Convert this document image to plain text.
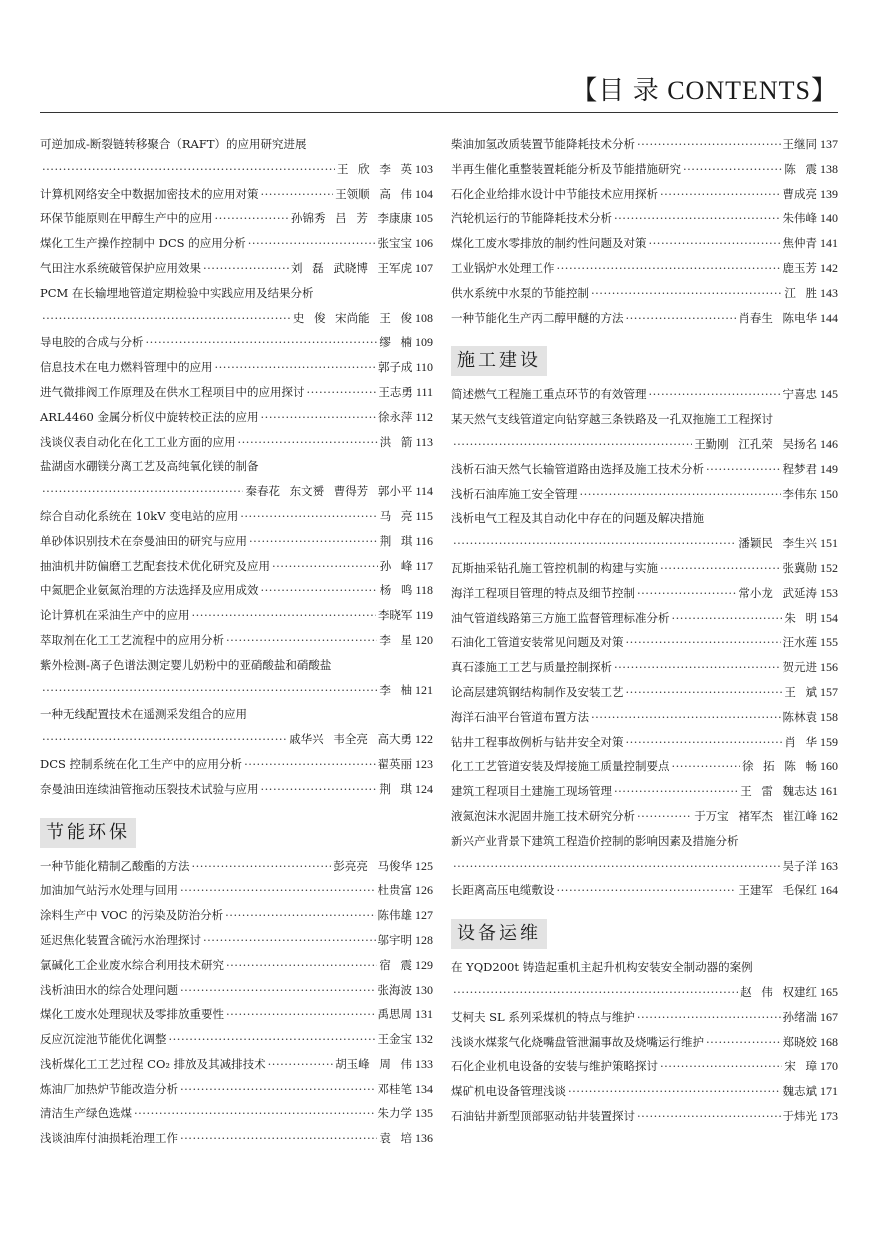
【目 录 CONTENTS】
可逆加成-断裂链转移聚合（RAFT）的应用研究进展
·····
王 欣 李 英 103
计算机网络安全中数据加密技术的应用对策 ·····	王领顺 高 伟 104
环保节能原则在甲醇生产中的应用 ·····	孙锦秀 吕 芳 李康康 105
煤化工生产操作控制中 DCS 的应用分析 ·····	张宝宝 106
气田注水系统破管保护应用效果 ·····	刘 磊 武晓博 王军虎 107
PCM 在长输埋地管道定期检验中实践应用及结果分析
·····
史 俊 宋尚能 王 俊 108
导电胶的合成与分析 ·····	缪 楠 109
信息技术在电力燃料管理中的应用 ·····	郭子成 110
进气微排阀工作原理及在供水工程项目中的应用探讨 ·····	王志勇 111
ARL4460 金属分析仪中旋转校正法的应用 ·····	徐永萍 112
浅谈仪表自动化在化工工业方面的应用 ·····	洪 箭 113
盐湖卤水硼镁分离工艺及高纯氧化镁的制备
·····
秦春花 东文赟 曹得芳 郭小平 114
综合自动化系统在 10kV 变电站的应用 ·····	马 亮 115
单砂体识别技术在奈曼油田的研究与应用 ·····	荆 琪 116
抽油机井防偏磨工艺配套技术优化研究及应用 ·····	孙 峰 117
中氮肥企业氨氮治理的方法选择及应用成效 ·····	杨 鸣 118
论计算机在采油生产中的应用 ·····	李晓军 119
萃取剂在化工工艺流程中的应用分析 ·····	李 星 120
紫外检测-离子色谱法测定婴儿奶粉中的亚硝酸盐和硝酸盐
·····
李 柚 121
一种无线配置技术在遥测采发组合的应用
·····
戚华兴 韦全亮 高大勇 122
DCS 控制系统在化工生产中的应用分析 ·····	翟英丽 123
奈曼油田连续油管拖动压裂技术试验与应用 ·····	荆 琪 124
节能环保
一种节能化精制乙酸酯的方法 ·····	彭亮亮 马俊华 125
加油加气站污水处理与回用 ·····	杜贵富 126
涂料生产中 VOC 的污染及防治分析 ·····	陈伟雄 127
延迟焦化装置含硫污水治理探讨 ·····	邬宇明 128
氯碱化工企业废水综合利用技术研究 ·····	宿 震 129
浅析油田水的综合处理问题 ·····	张海波 130
煤化工废水处理现状及零排放重要性 ·····	禹思周 131
反应沉淀池节能优化调整 ·····	王金宝 132
浅析煤化工工艺过程 CO₂ 排放及其减排技术 ·····	胡玉峰 周 伟 133
炼油厂加热炉节能改造分析 ·····	邓桂笔 134
清洁生产绿色选煤 ·····	朱力学 135
浅谈油库付油损耗治理工作 ·····	袁 培 136
柴油加氢改质装置节能降耗技术分析 ·····	王继同 137
半再生催化重整装置耗能分析及节能措施研究 ·····	陈 震 138
石化企业给排水设计中节能技术应用探析 ·····	曹成亮 139
汽轮机运行的节能降耗技术分析 ·····	朱伟峰 140
煤化工废水零排放的制约性问题及对策 ·····	焦仲青 141
工业锅炉水处理工作 ·····	鹿玉芳 142
供水系统中水泵的节能控制 ·····	江 胜 143
一种节能化生产丙二醇甲醚的方法 ·····	肖春生 陈电华 144
施工建设
简述燃气工程施工重点环节的有效管理 ·····	宁喜忠 145
某天然气支线管道定向钻穿越三条铁路及一孔双拖施工工程探讨
·····
王勤刚 江孔荣 吴扬名 146
浅析石油天然气长输管道路由选择及施工技术分析 ·····	程梦君 149
浅析石油库施工安全管理 ·····	李伟东 150
浅析电气工程及其自动化中存在的问题及解决措施
·····
潘颖民 李生兴 151
瓦斯抽采钻孔施工管控机制的构建与实施 ·····	张冀勋 152
海洋工程项目管理的特点及细节控制 ·····	常小龙 武延涛 153
油气管道线路第三方施工监督管理标准分析 ·····	朱 明 154
石油化工管道安装常见问题及对策 ·····	汪水莲 155
真石漆施工工艺与质量控制探析 ·····	贺元进 156
论高层建筑钢结构制作及安装工艺 ·····	王 斌 157
海洋石油平台管道布置方法 ·····	陈林袁 158
钻井工程事故例析与钻井安全对策 ·····	肖 华 159
化工工艺管道安装及焊接施工质量控制要点 ·····	徐 拓 陈 畅 160
建筑工程项目土建施工现场管理 ·····	王 雷 魏志达 161
液氮泡沫水泥固井施工技术研究分析 ·····	于万宝 褚军杰 崔江峰 162
新兴产业背景下建筑工程造价控制的影响因素及措施分析
·····
吴子洋 163
长距离高压电缆敷设 ·····	王建军 毛保红 164
设备运维
在 YQD200t 铸造起重机主起升机构安装安全制动器的案例
·····
赵 伟 权建红 165
艾柯夫 SL 系列采煤机的特点与维护 ·····	孙绪湍 167
浅谈水煤浆气化烧嘴盘管泄漏事故及烧嘴运行维护 ·····	郑晓姣 168
石化企业机电设备的安装与维护策略探讨 ·····	宋 璋 170
煤矿机电设备管理浅谈 ·····	魏志斌 171
石油钻井新型顶部驱动钻井装置探讨 ·····	于炜光 173
